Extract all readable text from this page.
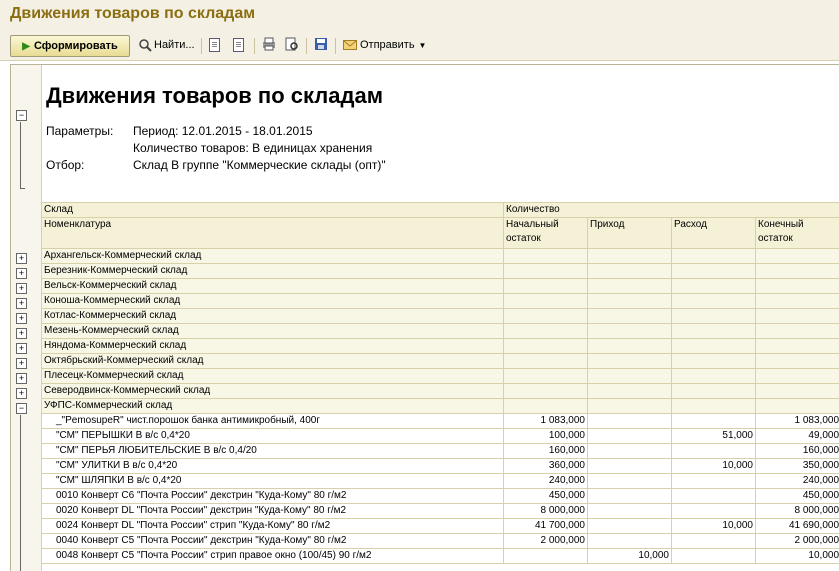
Движения товаров по складам
▶ Сформировать	Найти...	Отправить ▼
−
+
+
+
+
+
+
+
+
+
+
−
Движения товаров по складам
Параметры: Период: 12.01.2015 - 18.01.2015
Количество товаров: В единицах хранения
Отбор:	Склад В группе "Коммерческие склады (опт)"
Склад	Количество			
Номенклатура	Начальный остаток	Приход	Расход	Конечный остаток
Архангельск-Коммерческий склад				
Березник-Коммерческий склад				
Вельск-Коммерческий склад				
Коноша-Коммерческий склад				
Котлас-Коммерческий склад				
Мезень-Коммерческий склад				
Няндома-Коммерческий склад				
Октябрьский-Коммерческий склад				
Плесецк-Коммерческий склад				
Северодвинск-Коммерческий склад				
УФПС-Коммерческий склад				
_"PemosupeR" чист.порошок банка антимикробный, 400г	1 083,000			1 083,000
"СМ" ПЕРЫШКИ В в/с 0,4*20	100,000		51,000	49,000
"СМ" ПЕРЬЯ ЛЮБИТЕЛЬСКИЕ В в/с 0,4/20	160,000			160,000
"СМ" УЛИТКИ В в/с 0,4*20	360,000		10,000	350,000
"СМ" ШЛЯПКИ В в/с 0,4*20	240,000			240,000
0010 Конверт С6 "Почта России" декстрин "Куда-Кому" 80 г/м2	450,000			450,000
0020 Конверт DL "Почта России" декстрин "Куда-Кому" 80 г/м2	8 000,000			8 000,000
0024 Конверт DL "Почта России" стрип "Куда-Кому" 80 г/м2	41 700,000		10,000	41 690,000
0040 Конверт С5 "Почта России" декстрин "Куда-Кому" 80 г/м2	2 000,000			2 000,000
0048 Конверт С5 "Почта России" стрип правое окно (100/45) 90 г/м2		10,000		10,000
